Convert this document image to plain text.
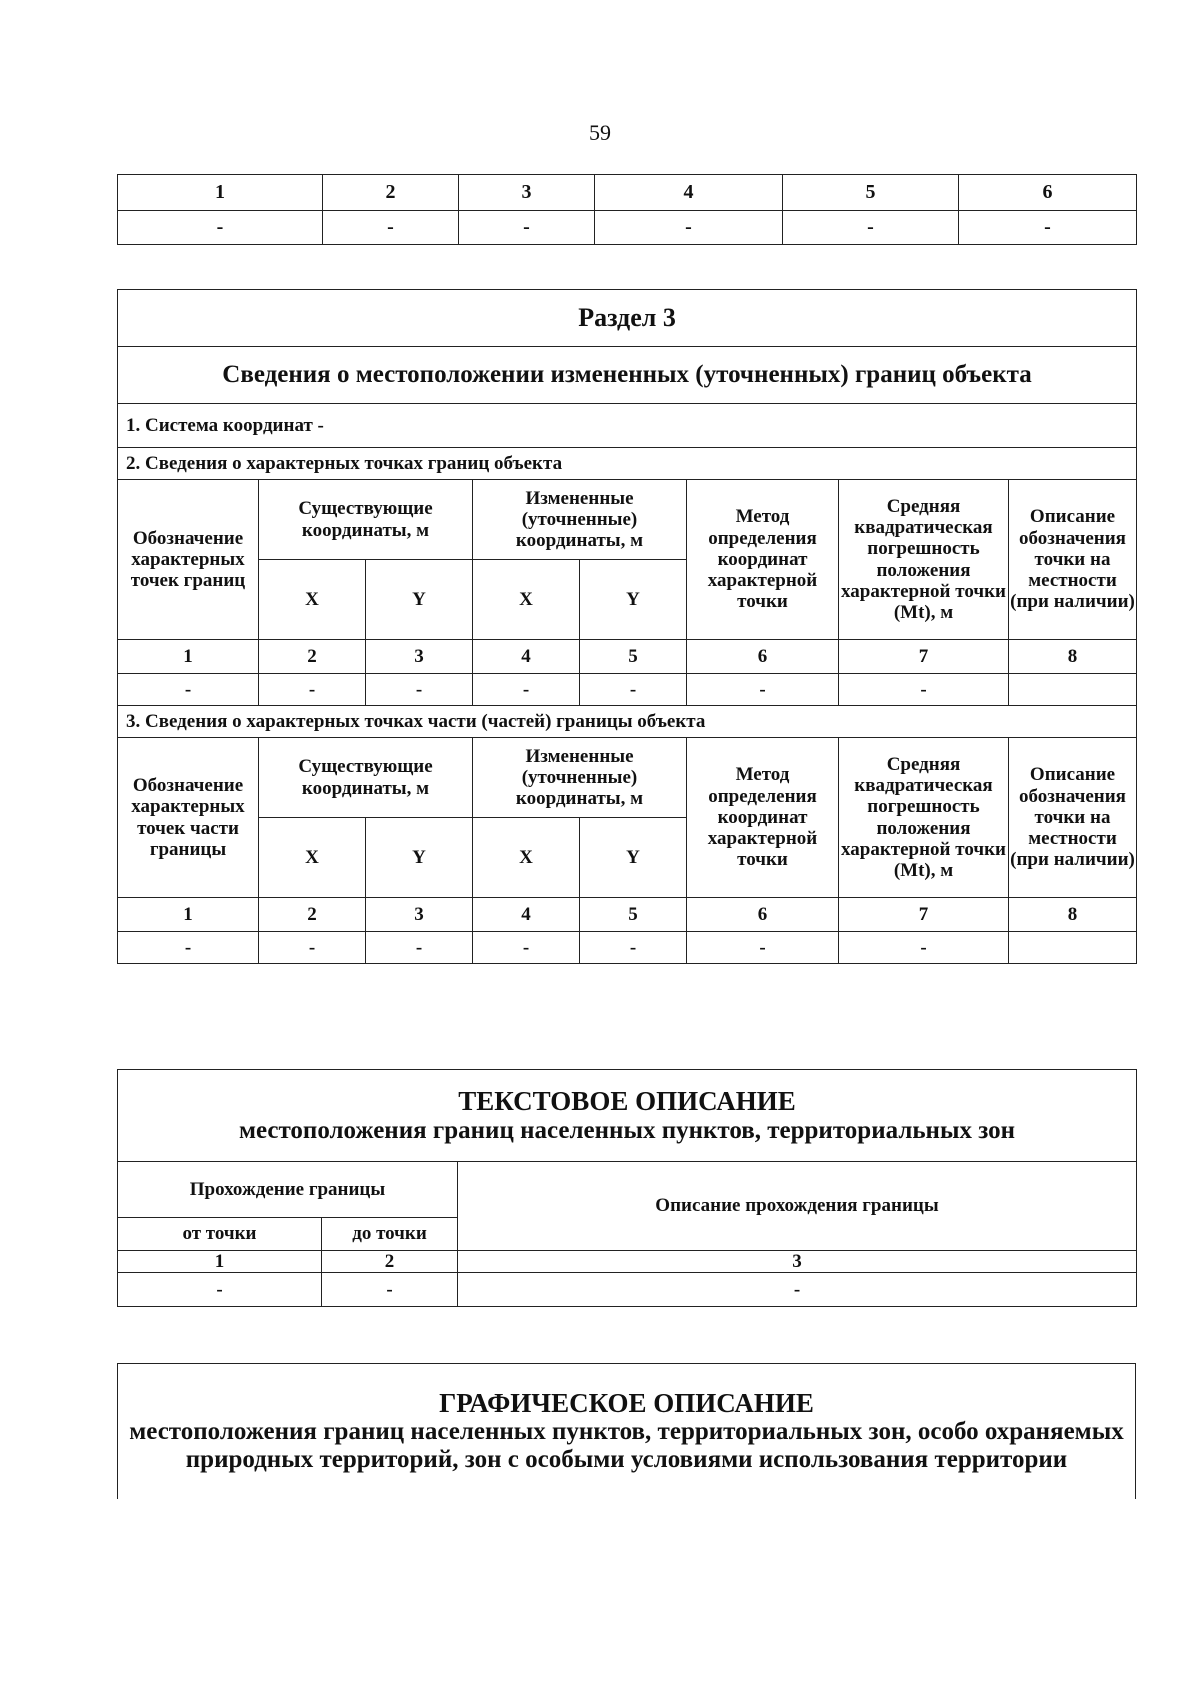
59
1	2	3	4	5	6
-	-	-	-	-	-
Раздел 3							
Сведения о местоположении измененных (уточненных) границ объекта							
1. Система координат -							
2. Сведения о характерных точках границ объекта							
Обозначение характерных точек границ	Существующие координаты, м		Измененные (уточненные) координаты, м		Метод определения координат характерной точки	Средняя квадратическая погрешность положения характерной точки (Mt), м	Описание обозначения точки на местности (при наличии)
	X	Y	X	Y			
1	2	3	4	5	6	7	8
-	-	-	-	-	-	-	
3. Сведения о характерных точках части (частей) границы объекта							
Обозначение характерных точек части границы	Существующие координаты, м		Измененные (уточненные) координаты, м		Метод определения координат характерной точки	Средняя квадратическая погрешность положения характерной точки (Mt), м	Описание обозначения точки на местности (при наличии)
	X	Y	X	Y			
1	2	3	4	5	6	7	8
-	-	-	-	-	-	-	
ТЕКСТОВОЕ ОПИСАНИЕ
местоположения границ населенных пунктов, территориальных зон		

Прохождение границы		Описание прохождения границы
от точки	до точки	
1	2	3
-	-	-
ГРАФИЧЕСКОЕ ОПИСАНИЕ
местоположения границ населенных пунктов, территориальных зон, особо охраняемых природных территорий, зон с особыми условиями использования территории
